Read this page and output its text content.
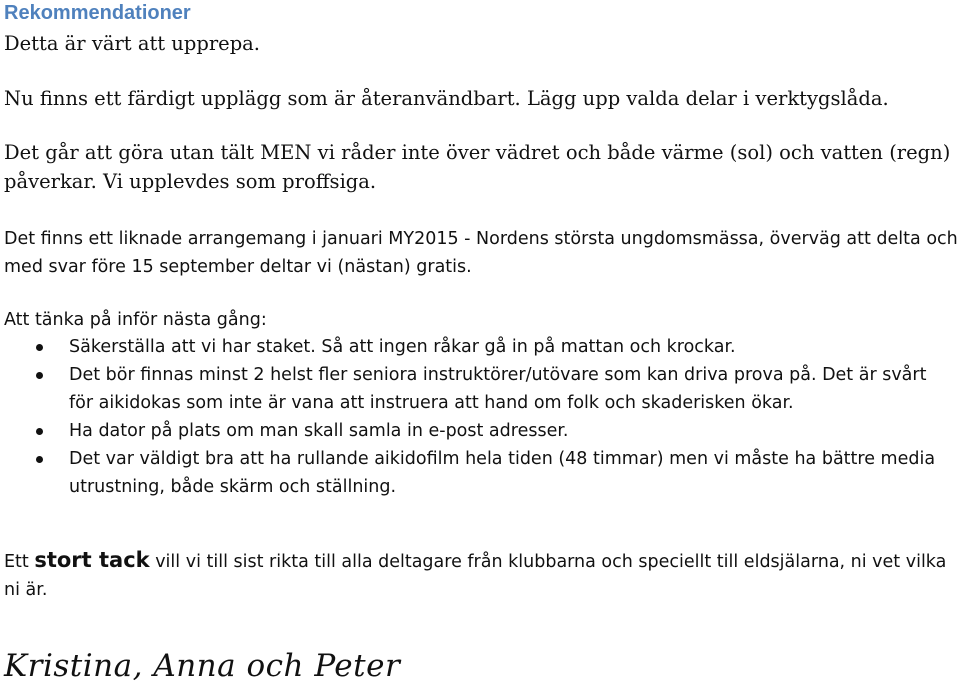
Rekommendationer

Detta är värt att upprepa.

Nu finns ett färdigt upplägg som är återanvändbart. Lägg upp valda delar i verktygslåda.

Det går att göra utan tält MEN vi råder inte över vädret och både värme (sol) och vatten (regn) påverkar. Vi upplevdes som proffsiga.

Det finns ett liknade arrangemang i januari MY2015 - Nordens största ungdomsmässa, överväg att delta och med svar före 15 september deltar vi (nästan) gratis.

Att tänka på inför nästa gång:

Säkerställa att vi har staket. Så att ingen råkar gå in på mattan och krockar.
Det bör finnas minst 2 helst fler seniora instruktörer/utövare som kan driva prova på. Det är svårt för aikidokas som inte är vana att instruera att hand om folk och skaderisken ökar.
Ha dator på plats om man skall samla in e-post adresser.
Det var väldigt bra att ha rullande aikidofilm hela tiden (48 timmar) men vi måste ha bättre media utrustning, både skärm och ställning.

Ett stort tack vill vi till sist rikta till alla deltagare från klubbarna och speciellt till eldsjälarna, ni vet vilka ni är.

Kristina, Anna och Peter
